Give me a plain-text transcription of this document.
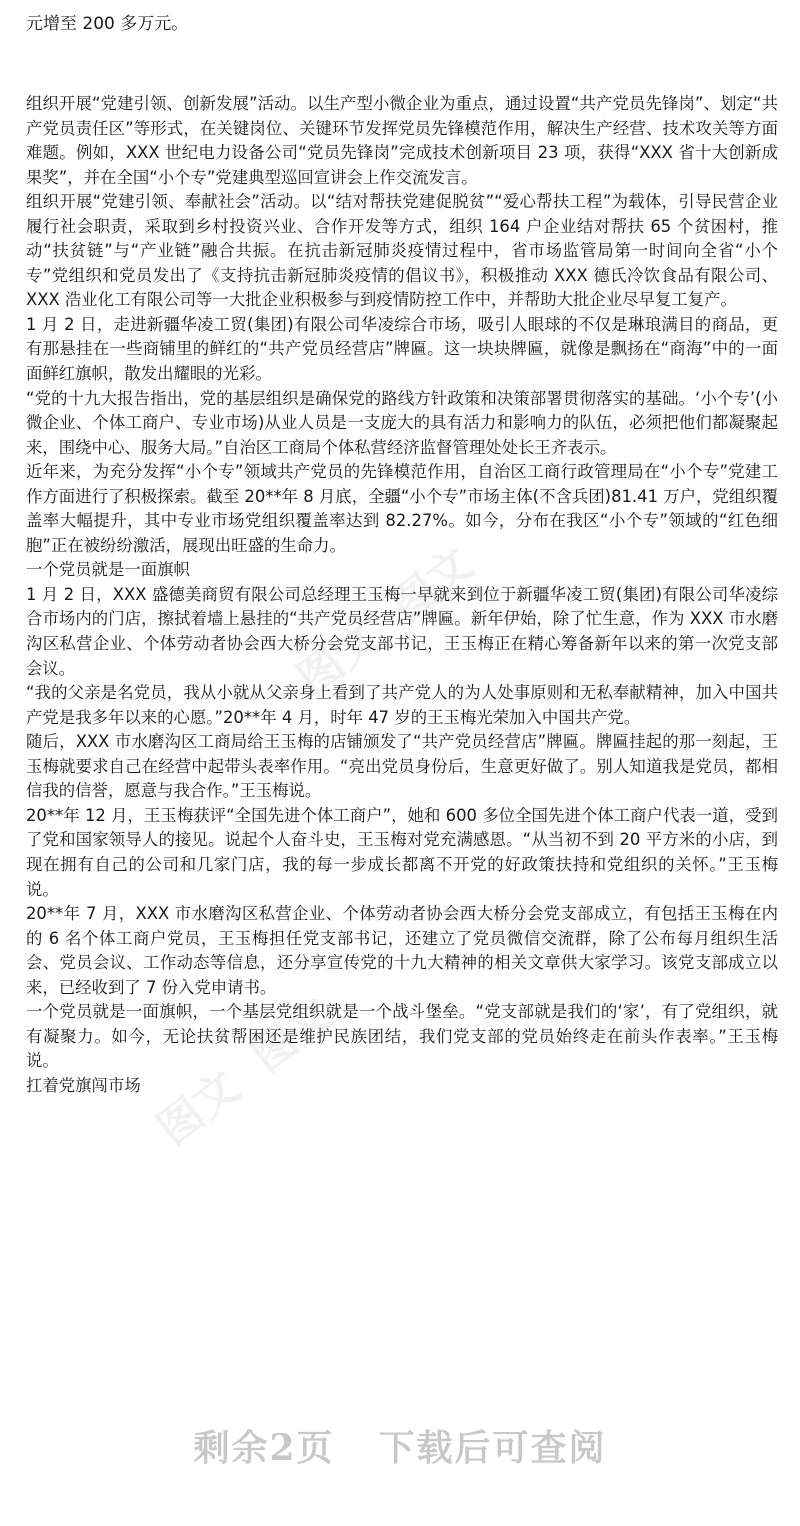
元增至 200 多万元。

图文  图文
图文  图文

组织开展“党建引领、创新发展”活动。以生产型小微企业为重点，通过设置“共产党员先锋岗”、划定“共产党员责任区”等形式，在关键岗位、关键环节发挥党员先锋模范作用，解决生产经营、技术攻关等方面难题。例如，XXX 世纪电力设备公司“党员先锋岗”完成技术创新项目 23 项，获得“XXX 省十大创新成果奖”，并在全国“小个专”党建典型巡回宣讲会上作交流发言。

组织开展“党建引领、奉献社会”活动。以“结对帮扶党建促脱贫”“爱心帮扶工程”为载体，引导民营企业履行社会职责，采取到乡村投资兴业、合作开发等方式，组织 164 户企业结对帮扶 65 个贫困村，推动“扶贫链”与“产业链”融合共振。在抗击新冠肺炎疫情过程中，省市场监管局第一时间向全省“小个专”党组织和党员发出了《支持抗击新冠肺炎疫情的倡议书》，积极推动 XXX 德氏冷饮食品有限公司、XXX 浩业化工有限公司等一大批企业积极参与到疫情防控工作中，并帮助大批企业尽早复工复产。

1 月 2 日，走进新疆华凌工贸(集团)有限公司华凌综合市场，吸引人眼球的不仅是琳琅满目的商品，更有那悬挂在一些商铺里的鲜红的“共产党员经营店”牌匾。这一块块牌匾，就像是飘扬在“商海”中的一面面鲜红旗帜，散发出耀眼的光彩。

“党的十九大报告指出，党的基层组织是确保党的路线方针政策和决策部署贯彻落实的基础。‘小个专’(小微企业、个体工商户、专业市场)从业人员是一支庞大的具有活力和影响力的队伍，必须把他们都凝聚起来，围绕中心、服务大局。”自治区工商局个体私营经济监督管理处处长王齐表示。

近年来，为充分发挥“小个专”领域共产党员的先锋模范作用，自治区工商行政管理局在“小个专”党建工作方面进行了积极探索。截至 20**年 8 月底，全疆“小个专”市场主体(不含兵团)81.41 万户，党组织覆盖率大幅提升，其中专业市场党组织覆盖率达到 82.27%。如今，分布在我区“小个专”领域的“红色细胞”正在被纷纷激活，展现出旺盛的生命力。

一个党员就是一面旗帜

1 月 2 日，XXX 盛德美商贸有限公司总经理王玉梅一早就来到位于新疆华凌工贸(集团)有限公司华凌综合市场内的门店，擦拭着墙上悬挂的“共产党员经营店”牌匾。新年伊始，除了忙生意，作为 XXX 市水磨沟区私营企业、个体劳动者协会西大桥分会党支部书记，王玉梅正在精心筹备新年以来的第一次党支部会议。

“我的父亲是名党员，我从小就从父亲身上看到了共产党人的为人处事原则和无私奉献精神，加入中国共产党是我多年以来的心愿。”20**年 4 月，时年 47 岁的王玉梅光荣加入中国共产党。

随后，XXX 市水磨沟区工商局给王玉梅的店铺颁发了“共产党员经营店”牌匾。牌匾挂起的那一刻起，王玉梅就要求自己在经营中起带头表率作用。“亮出党员身份后，生意更好做了。别人知道我是党员，都相信我的信誉，愿意与我合作。”王玉梅说。

20**年 12 月，王玉梅获评“全国先进个体工商户”，她和 600 多位全国先进个体工商户代表一道，受到了党和国家领导人的接见。说起个人奋斗史，王玉梅对党充满感恩。“从当初不到 20 平方米的小店，到现在拥有自己的公司和几家门店，我的每一步成长都离不开党的好政策扶持和党组织的关怀。”王玉梅说。

20**年 7 月，XXX 市水磨沟区私营企业、个体劳动者协会西大桥分会党支部成立，有包括王玉梅在内的 6 名个体工商户党员，王玉梅担任党支部书记，还建立了党员微信交流群，除了公布每月组织生活会、党员会议、工作动态等信息，还分享宣传党的十九大精神的相关文章供大家学习。该党支部成立以来，已经收到了 7 份入党申请书。

一个党员就是一面旗帜，一个基层党组织就是一个战斗堡垒。“党支部就是我们的‘家’，有了党组织，就有凝聚力。如今，无论扶贫帮困还是维护民族团结，我们党支部的党员始终走在前头作表率。”王玉梅说。

扛着党旗闯市场

剩余2页 下载后可查阅
